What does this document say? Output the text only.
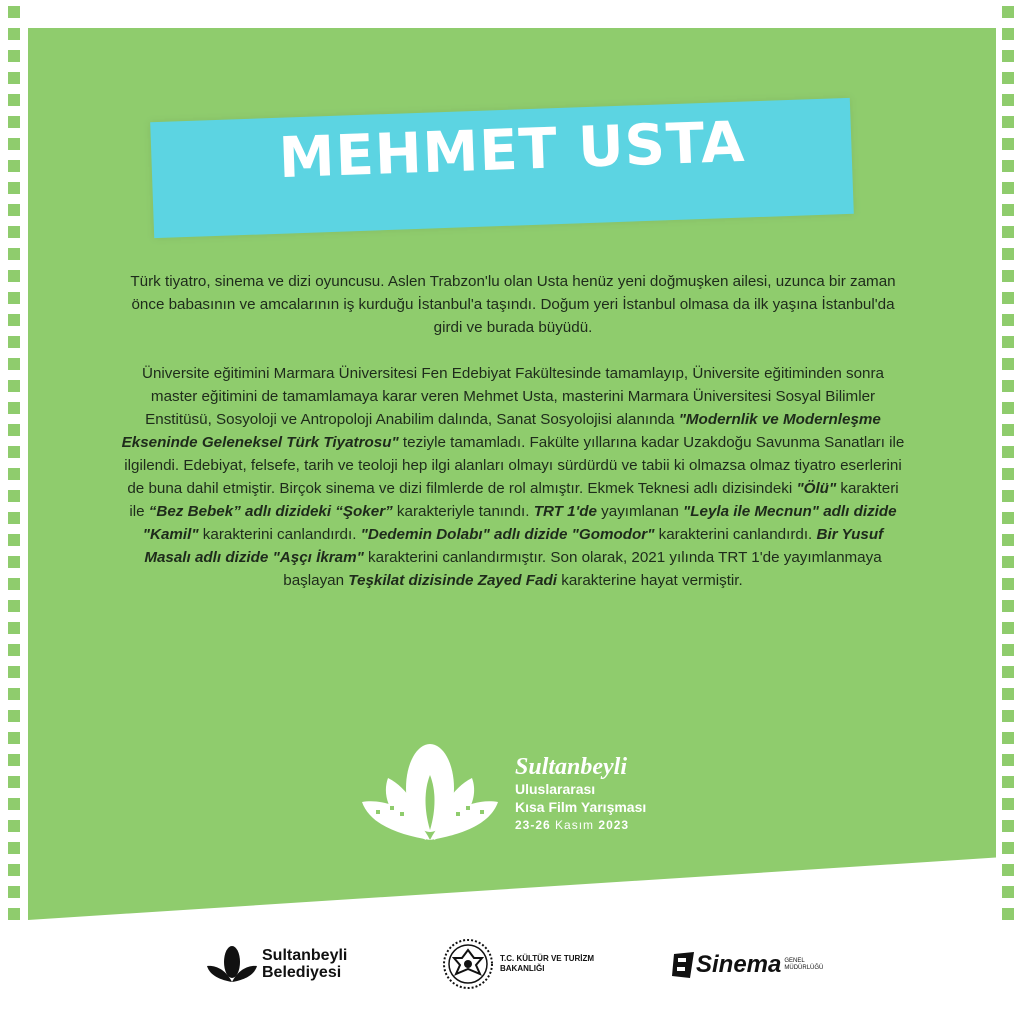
MEHMET USTA

Türk tiyatro, sinema ve dizi oyuncusu. Aslen Trabzon'lu olan Usta henüz yeni doğmuşken ailesi, uzunca bir zaman önce babasının ve amcalarının iş kurduğu İstanbul'a taşındı. Doğum yeri İstanbul olmasa da ilk yaşına İstanbul'da girdi ve burada büyüdü.

Üniversite eğitimini Marmara Üniversitesi Fen Edebiyat Fakültesinde tamamlayıp, Üniversite eğitiminden sonra master eğitimini de tamamlamaya karar veren Mehmet Usta, masterini Marmara Üniversitesi Sosyal Bilimler Enstitüsü, Sosyoloji ve Antropoloji Anabilim dalında, Sanat Sosyolojisi alanında "Modernlik ve Modernleşme Ekseninde Geleneksel Türk Tiyatrosu" teziyle tamamladı. Fakülte yıllarına kadar Uzakdoğu Savunma Sanatları ile ilgilendi. Edebiyat, felsefe, tarih ve teoloji hep ilgi alanları olmayı sürdürdü ve tabii ki olmazsa olmaz tiyatro eserlerini de buna dahil etmiştir. Birçok sinema ve dizi filmlerde de rol almıştır. Ekmek Teknesi adlı dizisindeki "Ölü" karakteri ile “Bez Bebek” adlı dizideki “Şoker” karakteriyle tanındı. TRT 1'de yayımlanan "Leyla ile Mecnun" adlı dizide "Kamil" karakterini canlandırdı. "Dedemin Dolabı" adlı dizide "Gomodor" karakterini canlandırdı. Bir Yusuf Masalı adlı dizide "Aşçı İkram" karakterini canlandırmıştır. Son olarak, 2021 yılında TRT 1'de yayımlanmaya başlayan Teşkilat dizisinde Zayed Fadi karakterine hayat vermiştir.

Sultanbeyli
Uluslararası
Kısa Film Yarışması
23-26 Kasım 2023
Sultanbeyli
Belediyesi
T.C. KÜLTÜR VE TURİZM
BAKANLIĞI	Sinema GENEL
MÜDÜRLÜĞÜ
